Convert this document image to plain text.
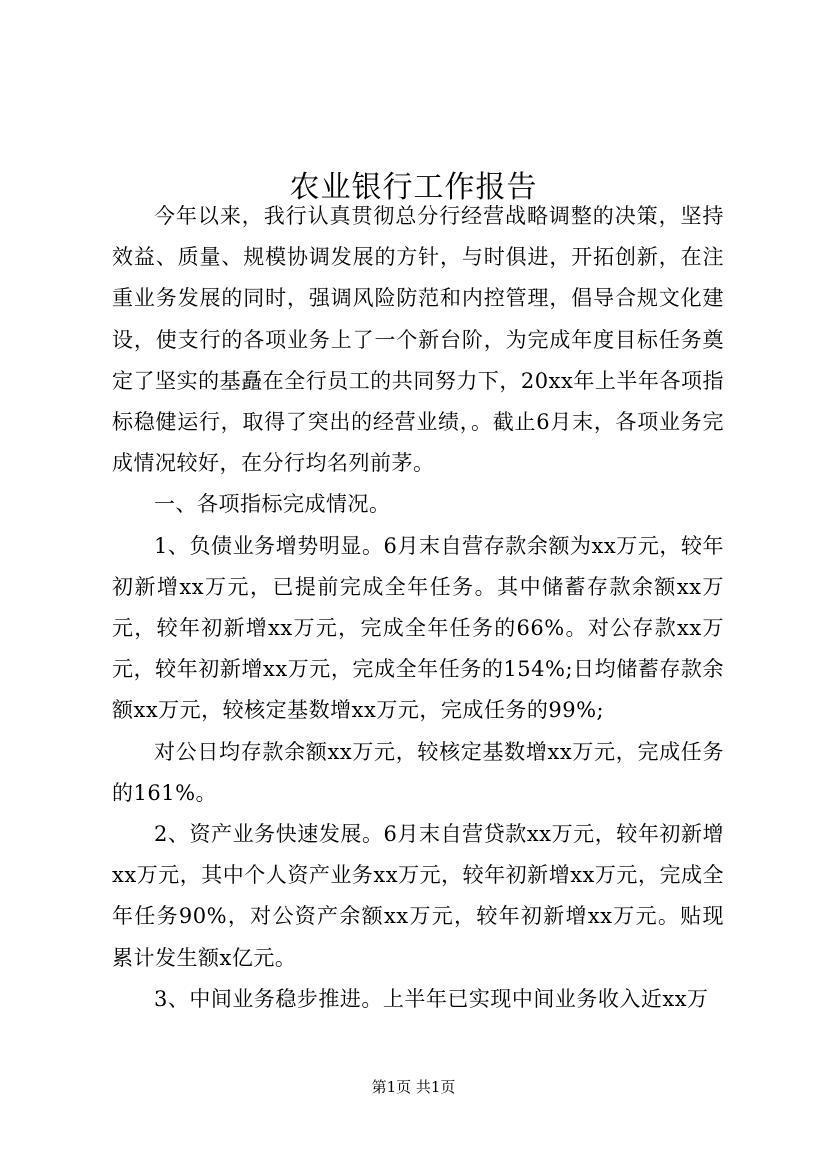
农业银行工作报告

今年以来，我行认真贯彻总分行经营战略调整的决策，坚持效益、质量、规模协调发展的方针，与时俱进，开拓创新，在注重业务发展的同时，强调风险防范和内控管理，倡导合规文化建设，使支行的各项业务上了一个新台阶，为完成年度目标任务奠定了坚实的基矗在全行员工的共同努力下，20xx年上半年各项指标稳健运行，取得了突出的经营业绩，。截止6月末，各项业务完成情况较好，在分行均名列前茅。

一、各项指标完成情况。

1、负债业务增势明显。6月末自营存款余额为xx万元，较年初新增xx万元，已提前完成全年任务。其中储蓄存款余额xx万元，较年初新增xx万元，完成全年任务的66%。对公存款xx万元，较年初新增xx万元，完成全年任务的154%;日均储蓄存款余额xx万元，较核定基数增xx万元，完成任务的99%;

对公日均存款余额xx万元，较核定基数增xx万元，完成任务的161%。

2、资产业务快速发展。6月末自营贷款xx万元，较年初新增xx万元，其中个人资产业务xx万元，较年初新增xx万元，完成全年任务90%，对公资产余额xx万元，较年初新增xx万元。贴现累计发生额x亿元。

3、中间业务稳步推进。上半年已实现中间业务收入近xx万

第1页 共1页
